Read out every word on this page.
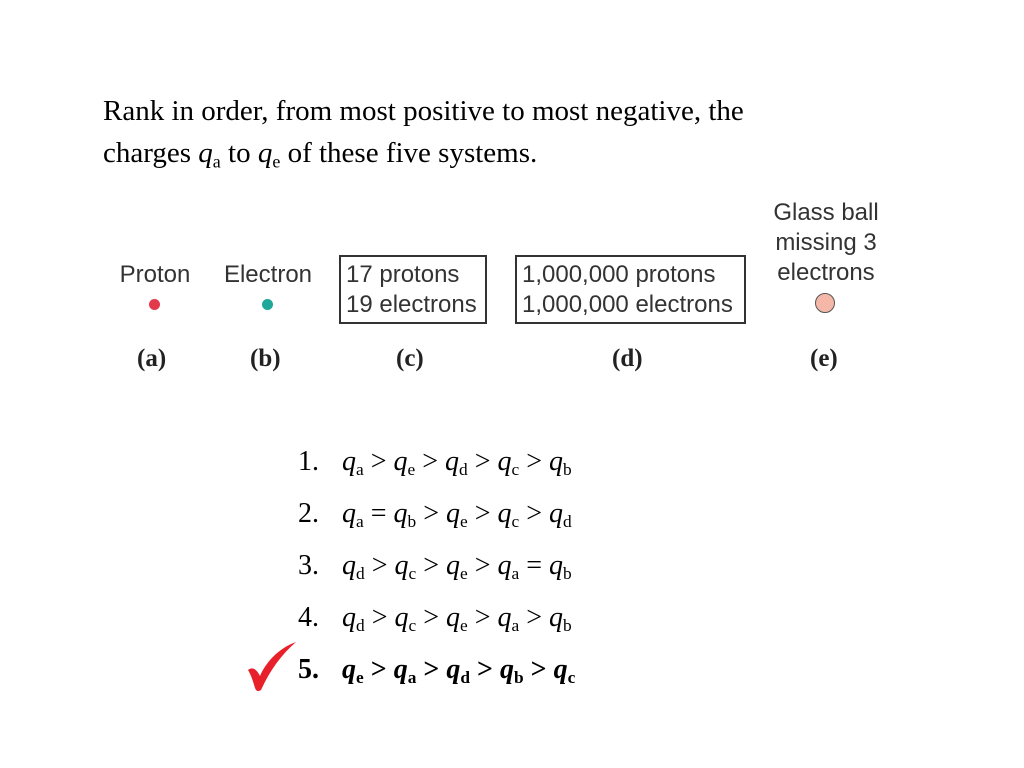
Rank in order, from most positive to most negative, the
charges $q_a$ to $q_e$ of these five systems.
Proton
(a)
Electron
(b)
17 protons
19 electrons
(c)
1,000,000 protons
1,000,000 electrons
(d)
Glass ball
missing 3
electrons
(e)
1. $q_a > q_e > q_d > q_c > q_b$
2. $q_a = q_b > q_e > q_c > q_d$
3. $q_d > q_c > q_e > q_a = q_b$
4. $q_d > q_c > q_e > q_a > q_b$
5. $q_e > q_a > q_d > q_b > q_c$
